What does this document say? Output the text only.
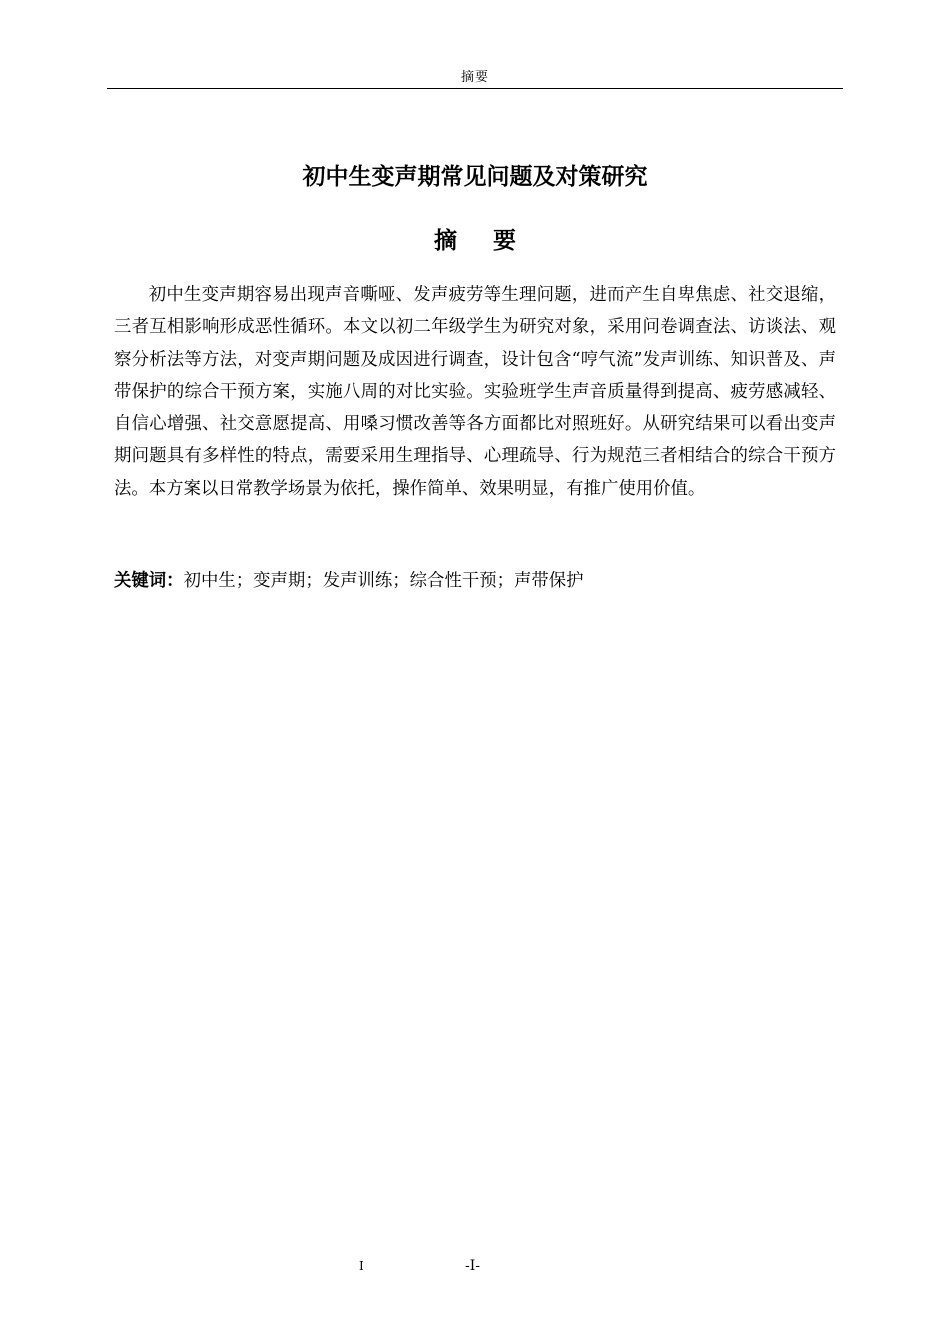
摘要
初中生变声期常见问题及对策研究
摘要

初中生变声期容易出现声音嘶哑、发声疲劳等生理问题，进而产生自卑焦虑、社交退缩，三者互相影响形成恶性循环。本文以初二年级学生为研究对象，采用问卷调查法、访谈法、观察分析法等方法，对变声期问题及成因进行调查，设计包含“哼气流”发声训练、知识普及、声带保护的综合干预方案，实施八周的对比实验。实验班学生声音质量得到提高、疲劳感减轻、自信心增强、社交意愿提高、用嗓习惯改善等各方面都比对照班好。从研究结果可以看出变声期问题具有多样性的特点，需要采用生理指导、心理疏导、行为规范三者相结合的综合干预方法。本方案以日常教学场景为依托，操作简单、效果明显，有推广使用价值。

关键词：初中生；变声期；发声训练；综合性干预；声带保护

I	-I-
